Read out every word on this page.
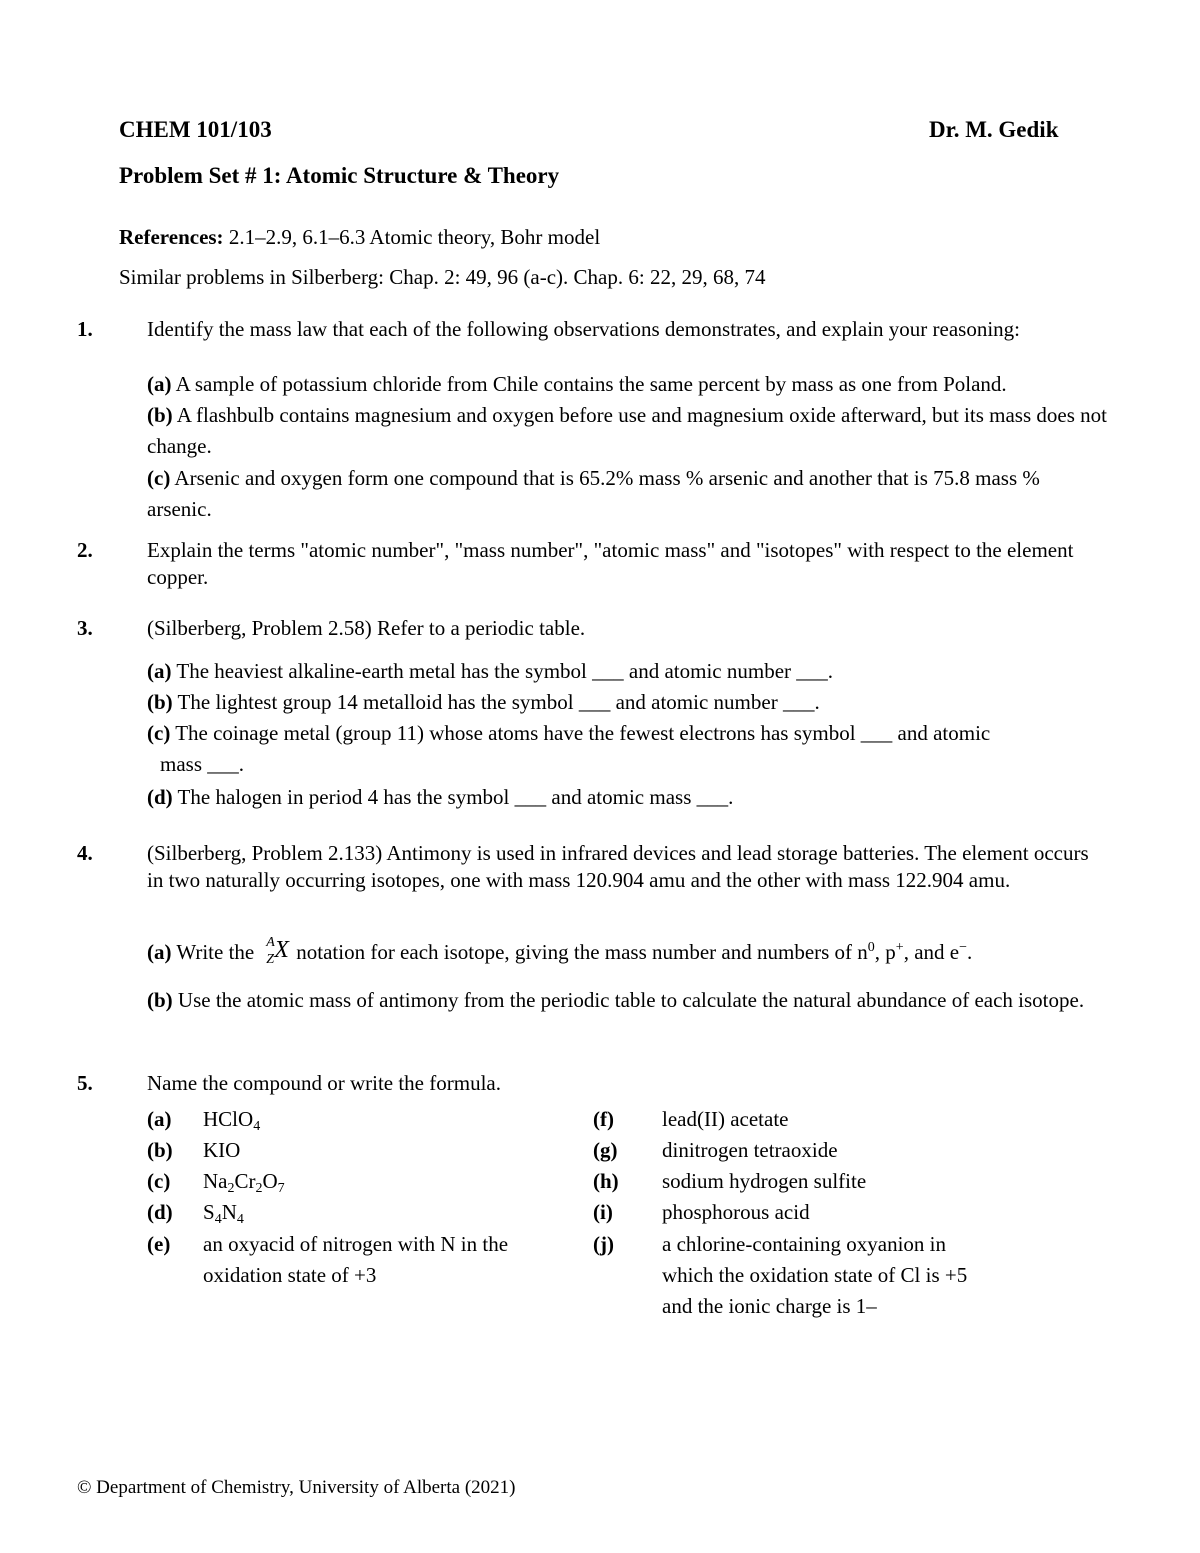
CHEM 101/103	Dr. M. Gedik
Problem Set # 1: Atomic Structure & Theory
References: 2.1–2.9, 6.1–6.3 Atomic theory, Bohr model
Similar problems in Silberberg: Chap. 2: 49, 96 (a-c). Chap. 6: 22, 29, 68, 74
1.	Identify the mass law that each of the following observations demonstrates, and explain your reasoning:
(a) A sample of potassium chloride from Chile contains the same percent by mass as one from Poland.
(b) A flashbulb contains magnesium and oxygen before use and magnesium oxide afterward, but its mass does not change.
(c) Arsenic and oxygen form one compound that is 65.2% mass % arsenic and another that is 75.8 mass % arsenic.
2.	Explain the terms "atomic number", "mass number", "atomic mass" and "isotopes" with respect to the element copper.
3.	(Silberberg, Problem 2.58) Refer to a periodic table.
(a) The heaviest alkaline-earth metal has the symbol ___ and atomic number ___.
(b) The lightest group 14 metalloid has the symbol ___ and atomic number ___.
(c) The coinage metal (group 11) whose atoms have the fewest electrons has symbol ___ and atomic
mass ___.
(d) The halogen in period 4 has the symbol ___ and atomic mass ___.
4.	(Silberberg, Problem 2.133) Antimony is used in infrared devices and lead storage batteries. The element occurs in two naturally occurring isotopes, one with mass 120.904 amu and the other with mass 122.904 amu.
(a) Write the A
Z X notation for each isotope, giving the mass number and numbers of $n^0$, p+, and e−.
(b) Use the atomic mass of antimony from the periodic table to calculate the natural abundance of each isotope.
5.	Name the compound or write the formula.
(a) HClO$_4$
(b) KIO
(c) $Na_2Cr_2O_7$
(d) $S_4N_4$
(e) an oxyacid of nitrogen with N in the
oxidation state of +3
(f) lead(II) acetate
(g) dinitrogen tetraoxide
(h) sodium hydrogen sulfite
(i) phosphorous acid
(j) a chlorine-containing oxyanion in
which the oxidation state of Cl is +5
and the ionic charge is 1–
© Department of Chemistry, University of Alberta (2021)
